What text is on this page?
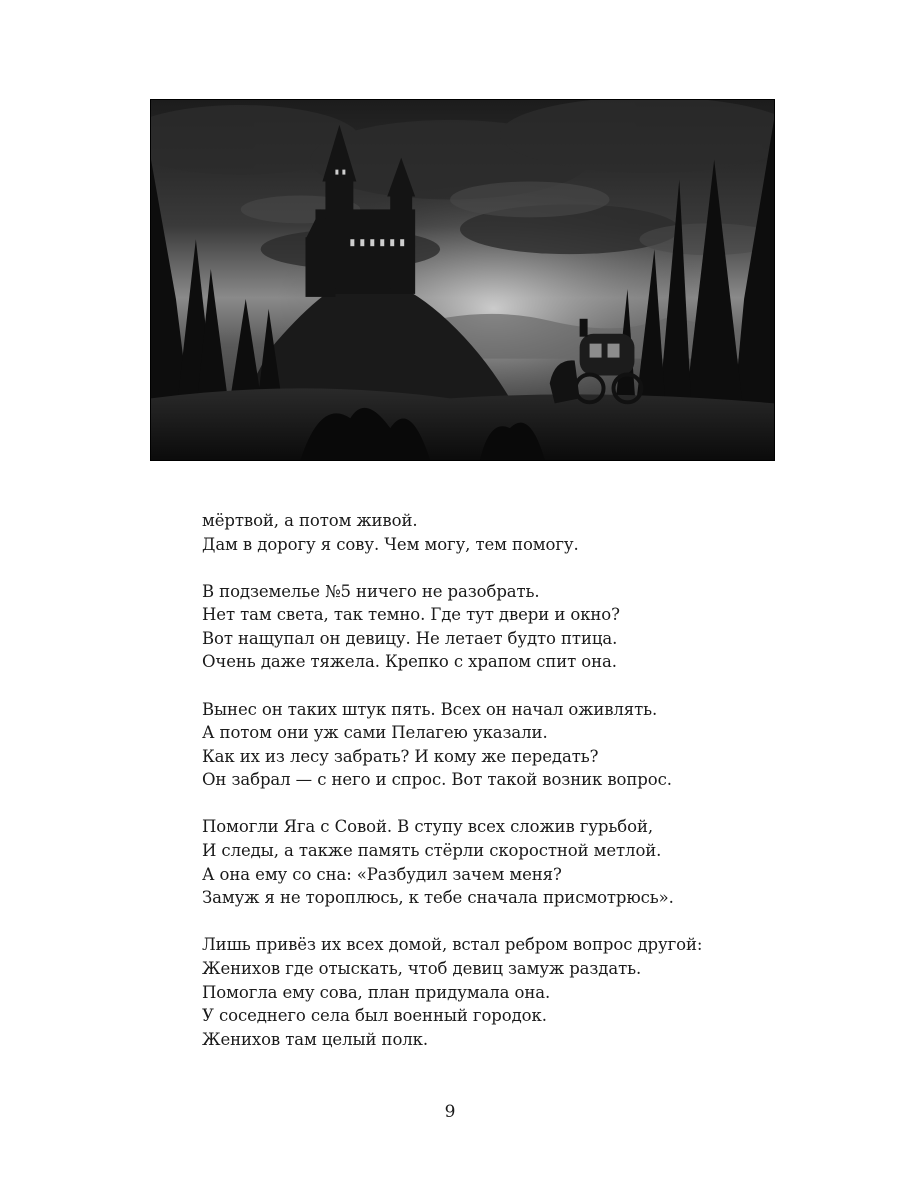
мёртвой, а потом живой.
Дам в дорогу я сову. Чем могу, тем помогу.
В подземелье №5 ничего не разобрать.
Нет там света, так темно. Где тут двери и окно?
Вот нащупал он девицу. Не летает будто птица.
Очень даже тяжела. Крепко с храпом спит она.
Вынес он таких штук пять. Всех он начал оживлять.
А потом они уж сами Пелагею указали.
Как их из лесу забрать? И кому же передать?
Он забрал — с него и спрос. Вот такой возник вопрос.
Помогли Яга с Совой. В ступу всех сложив гурьбой,
И следы, а также память стёрли скоростной метлой.
А она ему со сна: «Разбудил зачем меня?
Замуж я не тороплюсь, к тебе сначала присмотрюсь».
Лишь привёз их всех домой, встал ребром вопрос другой:
Женихов где отыскать, чтоб девиц замуж раздать.
Помогла ему сова, план придумала она.
У соседнего села был военный городок.
Женихов там целый полк.
9
